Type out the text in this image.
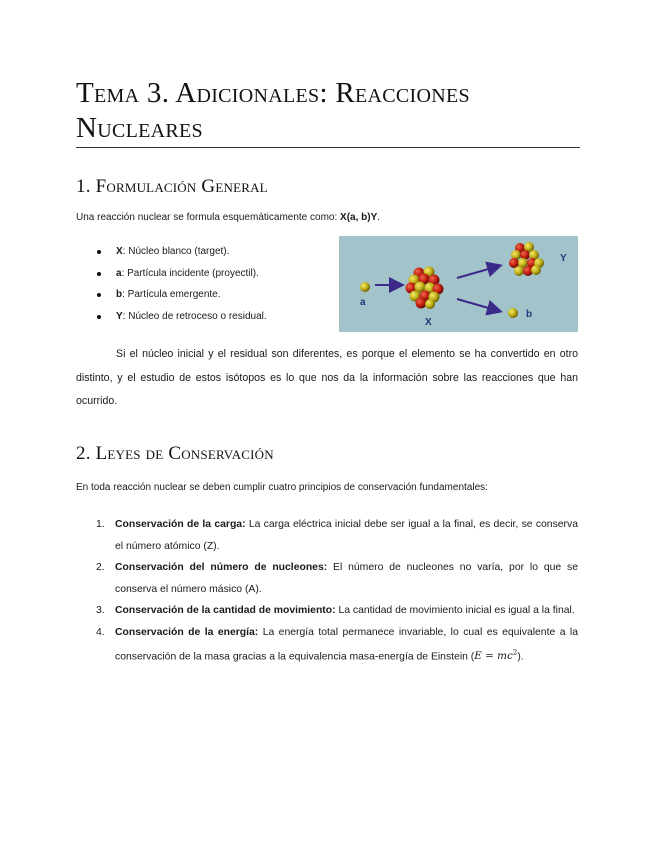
Tema 3. Adicionales: Reacciones Nucleares
1. Formulación General

Una reacción nuclear se formula esquemáticamente como: X(a, b)Y.

X: Núcleo blanco (target).
a: Partícula incidente (proyectil).
b: Partícula emergente.
Y: Núcleo de retroceso o residual.
a
X
Y
b

Si el núcleo inicial y el residual son diferentes, es porque el elemento se ha convertido en otro distinto, y el estudio de estos isótopos es lo que nos da la información sobre las reacciones que han ocurrido.

2. Leyes de Conservación

En toda reacción nuclear se deben cumplir cuatro principios de conservación fundamentales:

1. Conservación de la carga: La carga eléctrica inicial debe ser igual a la final, es decir, se conserva el número atómico (Z).
2. Conservación del número de nucleones: El número de nucleones no varía, por lo que se conserva el número másico (A).
3. Conservación de la cantidad de movimiento: La cantidad de movimiento inicial es igual a la final.
4. Conservación de la energía: La energía total permanece invariable, lo cual es equivalente a la conservación de la masa gracias a la equivalencia masa-energía de Einstein $(E = mc^2)$.
